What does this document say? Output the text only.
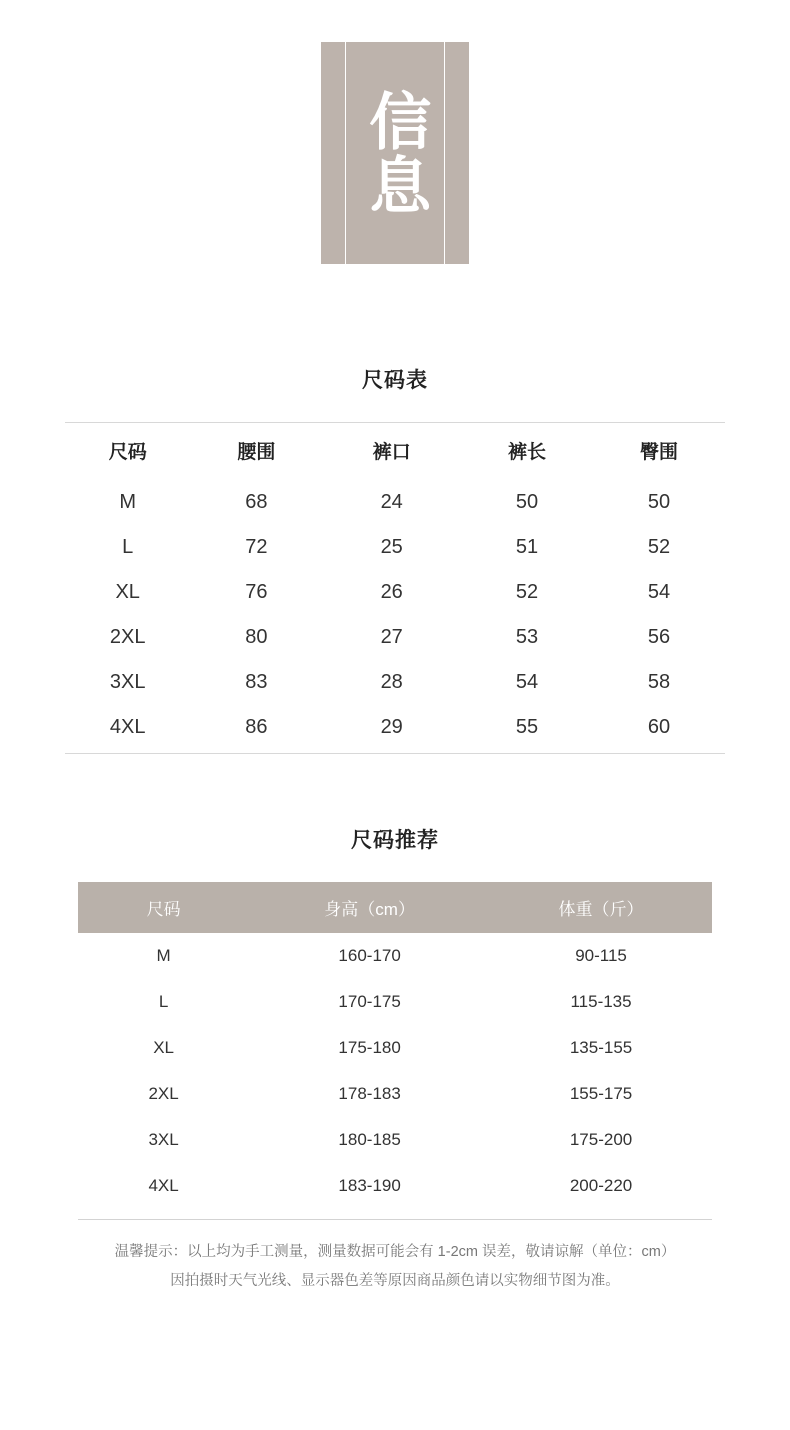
信息
尺码表
尺码	腰围	裤口	裤长	臀围
M	68	24	50	50
L	72	25	51	52
XL	76	26	52	54
2XL	80	27	53	56
3XL	83	28	54	58
4XL	86	29	55	60
尺码推荐
尺码	身高（cm）	体重（斤）
M	160-170	90-115
L	170-175	115-135
XL	175-180	135-155
2XL	178-183	155-175
3XL	180-185	175-200
4XL	183-190	200-220
温馨提示：以上均为手工测量，测量数据可能会有 1-2cm 误差，敬请谅解（单位：cm）
因拍摄时天气光线、显示器色差等原因商品颜色请以实物细节图为准。
